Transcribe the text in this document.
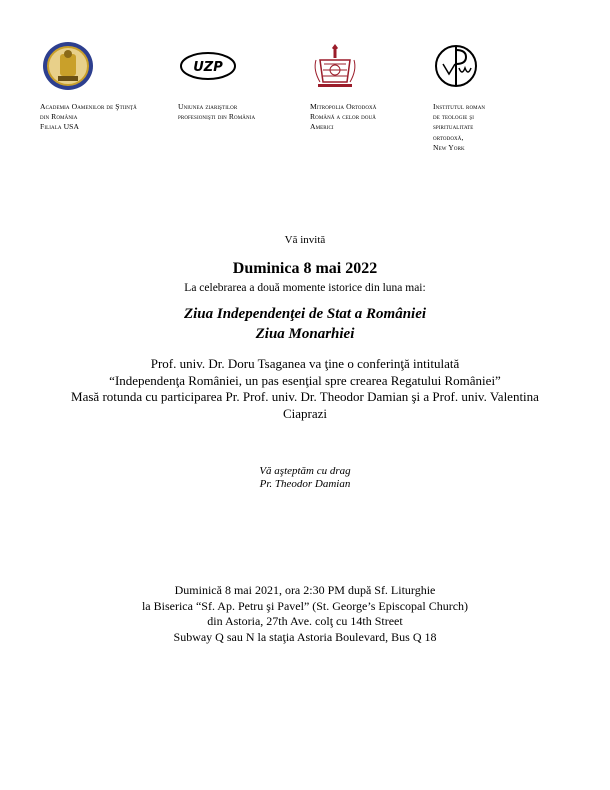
Academia Oamenilor de Ştiinţă
din România
Filiala USA
UZP
Uniunea ziariştilor
profesionişti din România
Mitropolia Ortodoxă
Română a celor două
Americi
Institutul roman
de teologie şi
spiritualitate
ortodoxă,
New York
Vă invită
Duminica 8 mai 2022
La celebrarea a două momente istorice din luna mai:
Ziua Independenţei de Stat a României
Ziua Monarhiei
Prof. univ. Dr. Doru Tsaganea va ţine o conferinţă intitulată
“Independenţa României, un pas esenţial spre crearea Regatului României”
Masă rotunda cu participarea Pr. Prof. univ. Dr. Theodor Damian şi a Prof. univ. Valentina
Ciaprazi
Vă aşteptăm cu drag
Pr. Theodor Damian
Duminică 8 mai 2021, ora 2:30 PM după Sf. Liturghie
la Biserica “Sf. Ap. Petru şi Pavel” (St. George’s Episcopal Church)
din Astoria, 27th Ave. colţ cu 14th Street
Subway Q sau N la staţia Astoria Boulevard, Bus Q 18
